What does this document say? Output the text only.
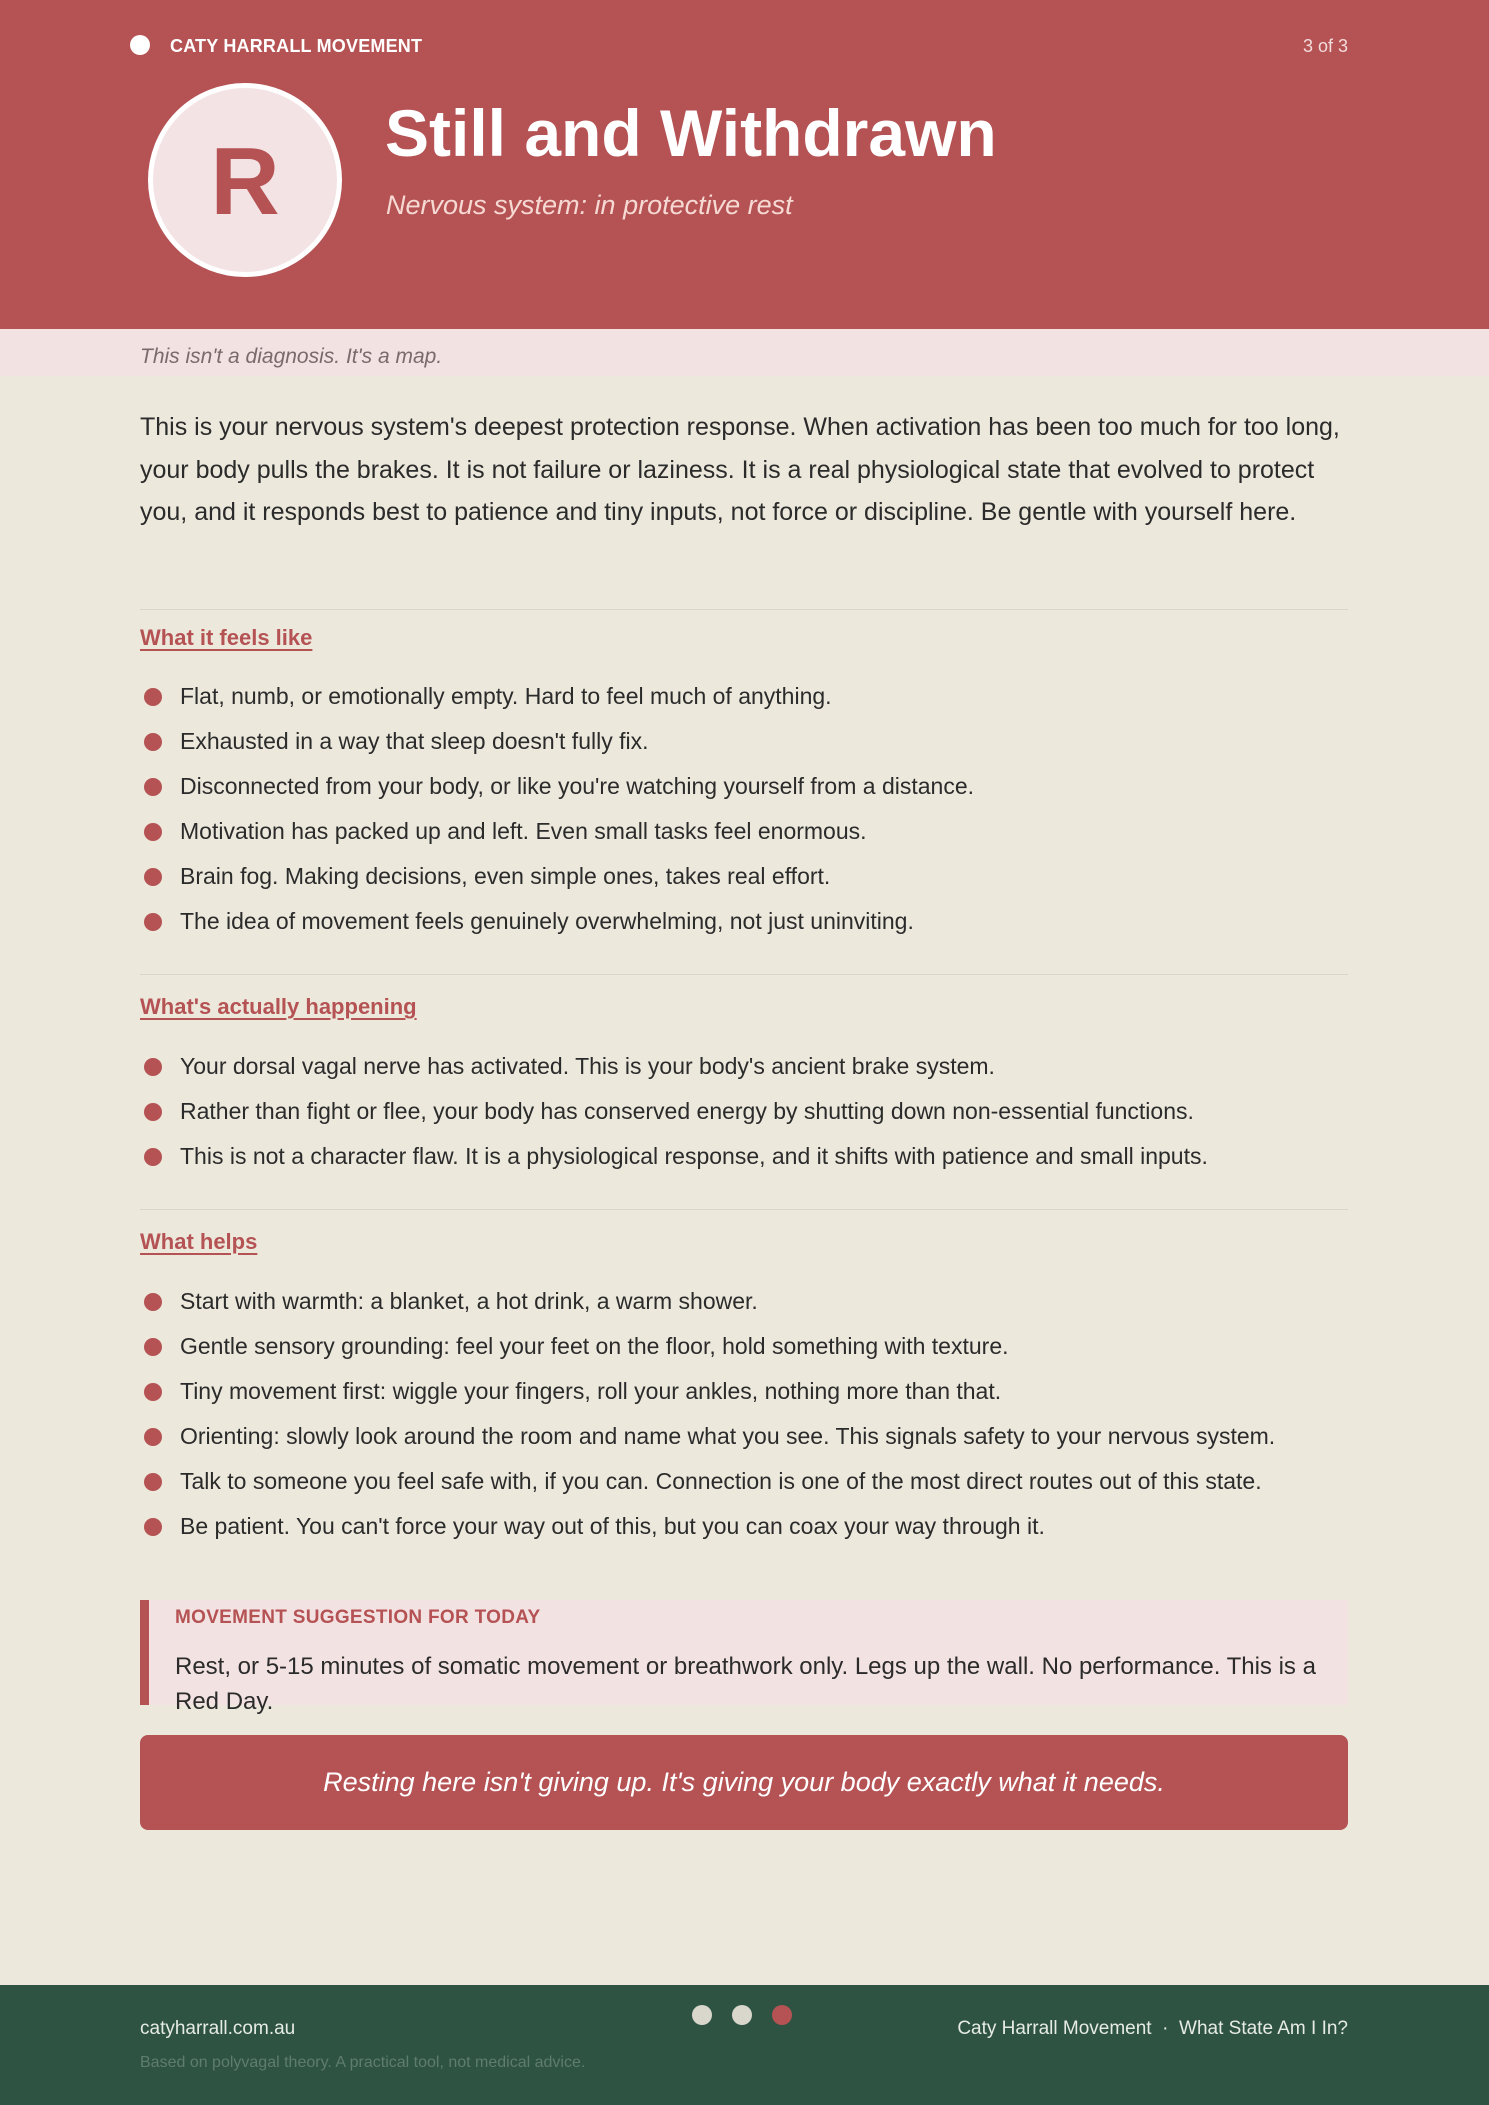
CATY HARRALL MOVEMENT	3 of 3
R Still and Withdrawn
Nervous system: in protective rest
This isn't a diagnosis. It's a map.

This is your nervous system's deepest protection response. When activation has been too much for too long, your body pulls the brakes. It is not failure or laziness. It is a real physiological state that evolved to protect you, and it responds best to patience and tiny inputs, not force or discipline. Be gentle with yourself here.

What it feels like
Flat, numb, or emotionally empty. Hard to feel much of anything.
Exhausted in a way that sleep doesn't fully fix.
Disconnected from your body, or like you're watching yourself from a distance.
Motivation has packed up and left. Even small tasks feel enormous.
Brain fog. Making decisions, even simple ones, takes real effort.
The idea of movement feels genuinely overwhelming, not just uninviting.
What's actually happening
Your dorsal vagal nerve has activated. This is your body's ancient brake system.
Rather than fight or flee, your body has conserved energy by shutting down non-essential functions.
This is not a character flaw. It is a physiological response, and it shifts with patience and small inputs.
What helps
Start with warmth: a blanket, a hot drink, a warm shower.
Gentle sensory grounding: feel your feet on the floor, hold something with texture.
Tiny movement first: wiggle your fingers, roll your ankles, nothing more than that.
Orienting: slowly look around the room and name what you see. This signals safety to your nervous system.
Talk to someone you feel safe with, if you can. Connection is one of the most direct routes out of this state.
Be patient. You can't force your way out of this, but you can coax your way through it.
MOVEMENT SUGGESTION FOR TODAY
Rest, or 5-15 minutes of somatic movement or breathwork only. Legs up the wall. No performance. This is a Red Day.
Resting here isn't giving up. It's giving your body exactly what it needs.
catyharrall.com.au
Based on polyvagal theory. A practical tool, not medical advice.
Caty Harrall Movement  ·  What State Am I In?
